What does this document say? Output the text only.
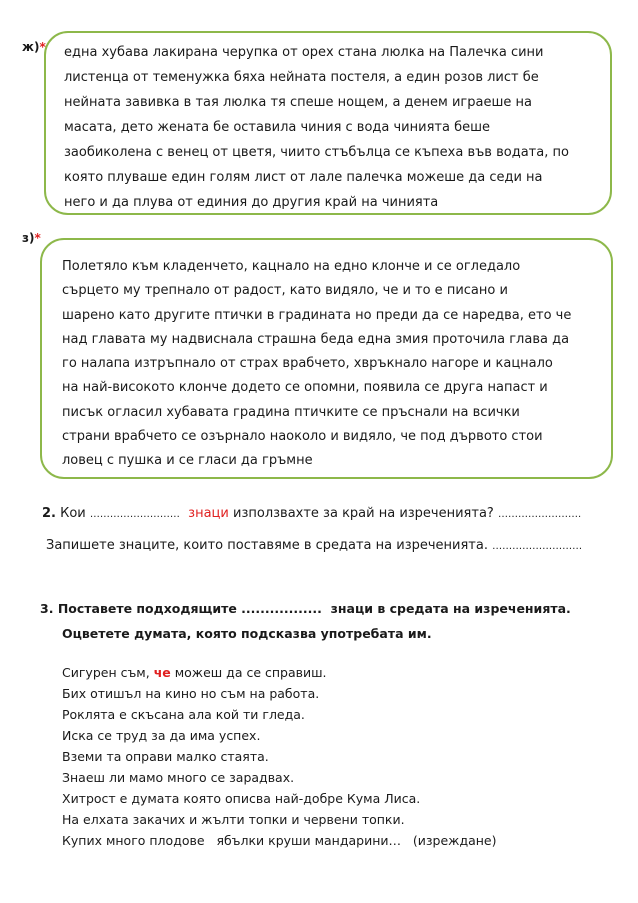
ж)* една хубава лакирана черупка от орех стана люлка на Палечка сини

листенца от теменужка бяха нейната постеля, а един розов лист бе

нейната завивка в тая люлка тя спеше нощем, а денем играеше на

масата, дето жената бе оставила чиния с вода чинията беше

заобиколена с венец от цветя, чиито стъбълца се къпеха във водата, по

която плуваше един голям лист от лале палечка можеше да седи на

него и да плува от единия до другия край на чинията

з)*

Полетяло към кладенчето, кацнало на едно клонче и се огледало

сърцето му трепнало от радост, като видяло, че и то е писано и

шарено като другите птички в градината но преди да се наредва, ето че

над главата му надвиснала страшна беда една змия проточила глава да

го налапа изтръпнало от страх врабчето, хвръкнало нагоре и кацнало

на най-високото клонче додето се опомни, появила се друга напаст и

писък огласил хубавата градина птичките се пръснали на всички

страни врабчето се озърнало наоколо и видяло, че под дървото стои

ловец с пушка и се гласи да гръмне

2. Кои ……………………… знаци използвахте за край на изреченията? …………………….
Запишете знаците, които поставяме в средата на изреченията. ………………………
3. Поставете подходящите ................. знаци в средата на изреченията.
Оцветете думата, която подсказва употребата им.

Сигурен съм, че можеш да се справиш.

Бих отишъл на кино но съм на работа.

Роклята е скъсана ала кой ти гледа.

Иска се труд за да има успех.

Вземи та оправи малко стаята.

Знаеш ли мамо много се зарадвах.

Хитрост е думата която описва най-добре Кума Лиса.

На елхата закачих и жълти топки и червени топки.

Купих много плодове   ябълки круши мандарини…   (изреждане)
